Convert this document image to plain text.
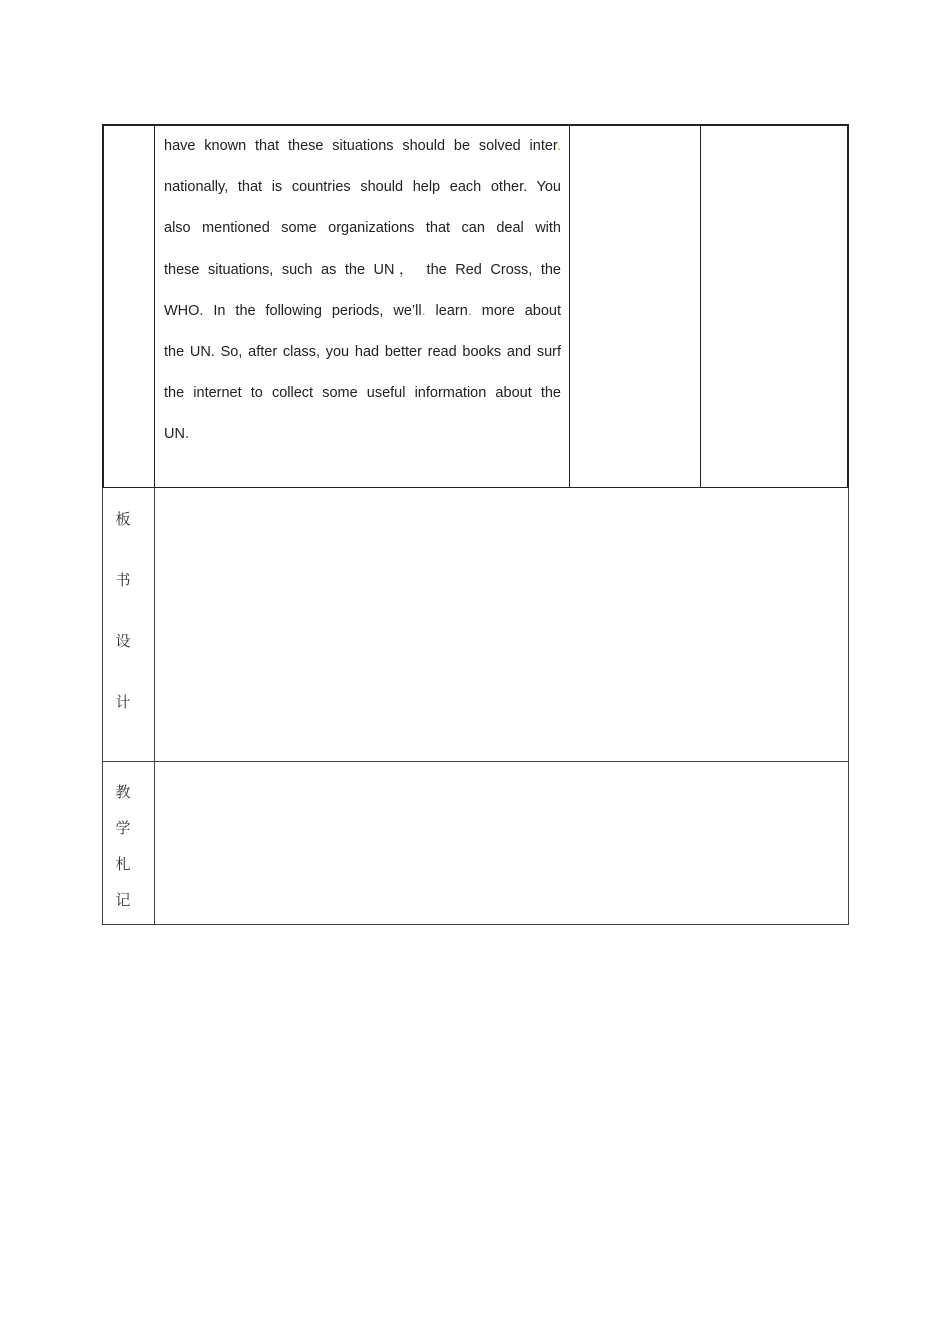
have known that these situations should be solved inter.

nationally, that is countries should help each other. You

also mentioned some organizations that can deal with

these situations, such as the UN， the Red Cross, the

WHO. In the following periods, we’ll. learn. more about

the UN. So, after class, you had better read books and surf

the internet to collect some useful information about the

UN.

板
书
设
计
教
学
札
记
